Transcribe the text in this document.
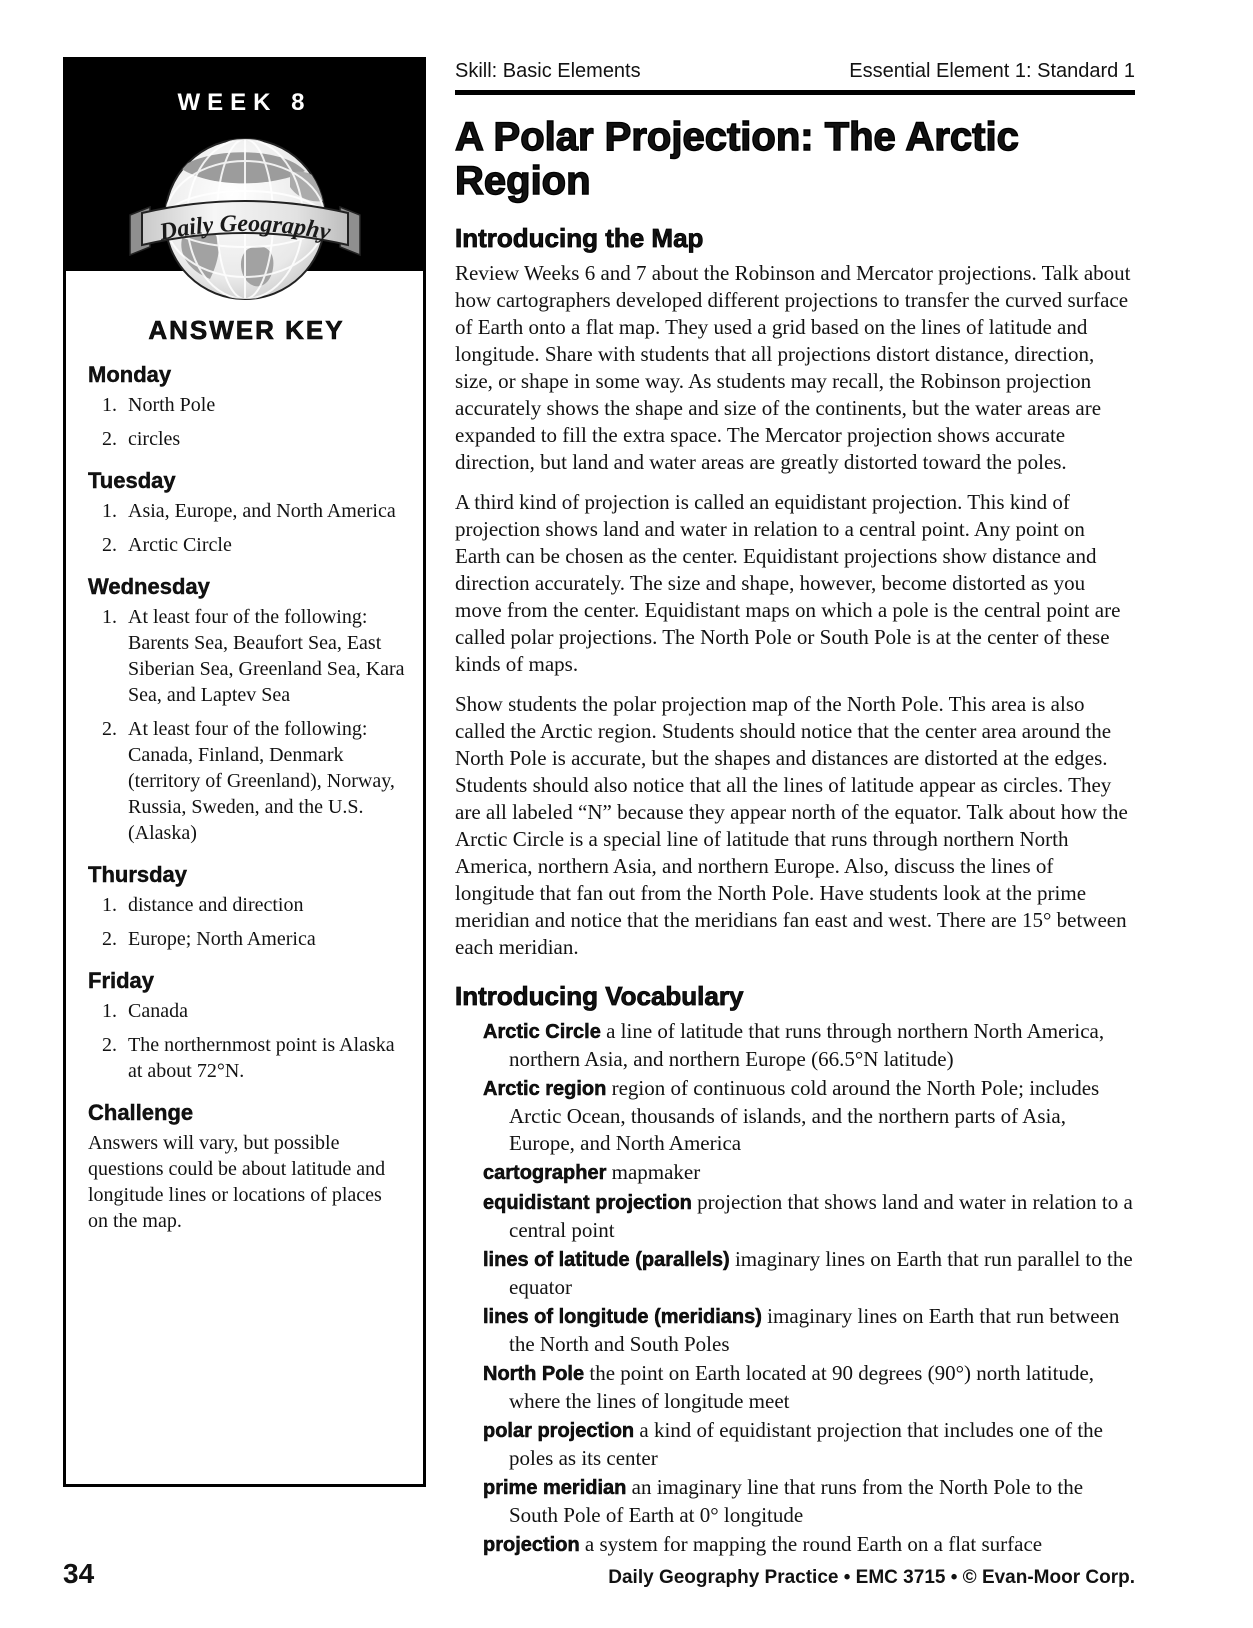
WEEK 8
Daily Geography
ANSWER KEY
Monday
North Pole
circles
Tuesday
Asia, Europe, and North America
Arctic Circle
Wednesday
At least four of the following: Barents Sea, Beaufort Sea, East Siberian Sea, Greenland Sea, Kara Sea, and Laptev Sea
At least four of the following: Canada, Finland, Denmark (territory of Greenland), Norway, Russia, Sweden, and the U.S. (Alaska)
Thursday
distance and direction
Europe; North America
Friday
Canada
The northernmost point is Alaska at about 72°N.
Challenge

Answers will vary, but possible questions could be about latitude and longitude lines or locations of places on the map.

Skill: Basic Elements	Essential Element 1: Standard 1
A Polar Projection: The Arctic Region
Introducing the Map

Review Weeks 6 and 7 about the Robinson and Mercator projections. Talk about how cartographers developed different projections to transfer the curved surface of Earth onto a flat map. They used a grid based on the lines of latitude and longitude. Share with students that all projections distort distance, direction, size, or shape in some way. As students may recall, the Robinson projection accurately shows the shape and size of the continents, but the water areas are expanded to fill the extra space. The Mercator projection shows accurate direction, but land and water areas are greatly distorted toward the poles.

A third kind of projection is called an equidistant projection. This kind of projection shows land and water in relation to a central point. Any point on Earth can be chosen as the center. Equidistant projections show distance and direction accurately. The size and shape, however, become distorted as you move from the center. Equidistant maps on which a pole is the central point are called polar projections. The North Pole or South Pole is at the center of these kinds of maps.

Show students the polar projection map of the North Pole. This area is also called the Arctic region. Students should notice that the center area around the North Pole is accurate, but the shapes and distances are distorted at the edges. Students should also notice that all the lines of latitude appear as circles. They are all labeled “N” because they appear north of the equator. Talk about how the Arctic Circle is a special line of latitude that runs through northern North America, northern Asia, and northern Europe. Also, discuss the lines of longitude that fan out from the North Pole. Have students look at the prime meridian and notice that the meridians fan east and west. There are 15° between each meridian.

Introducing Vocabulary

Arctic Circle a line of latitude that runs through northern North America, northern Asia, and northern Europe (66.5°N latitude)

Arctic region region of continuous cold around the North Pole; includes Arctic Ocean, thousands of islands, and the northern parts of Asia, Europe, and North America

cartographer mapmaker

equidistant projection projection that shows land and water in relation to a central point

lines of latitude (parallels) imaginary lines on Earth that run parallel to the equator

lines of longitude (meridians) imaginary lines on Earth that run between the North and South Poles

North Pole the point on Earth located at 90 degrees (90°) north latitude, where the lines of longitude meet

polar projection a kind of equidistant projection that includes one of the poles as its center

prime meridian an imaginary line that runs from the North Pole to the South Pole of Earth at 0° longitude

projection a system for mapping the round Earth on a flat surface

34	Daily Geography Practice • EMC 3715 • © Evan-Moor Corp.
